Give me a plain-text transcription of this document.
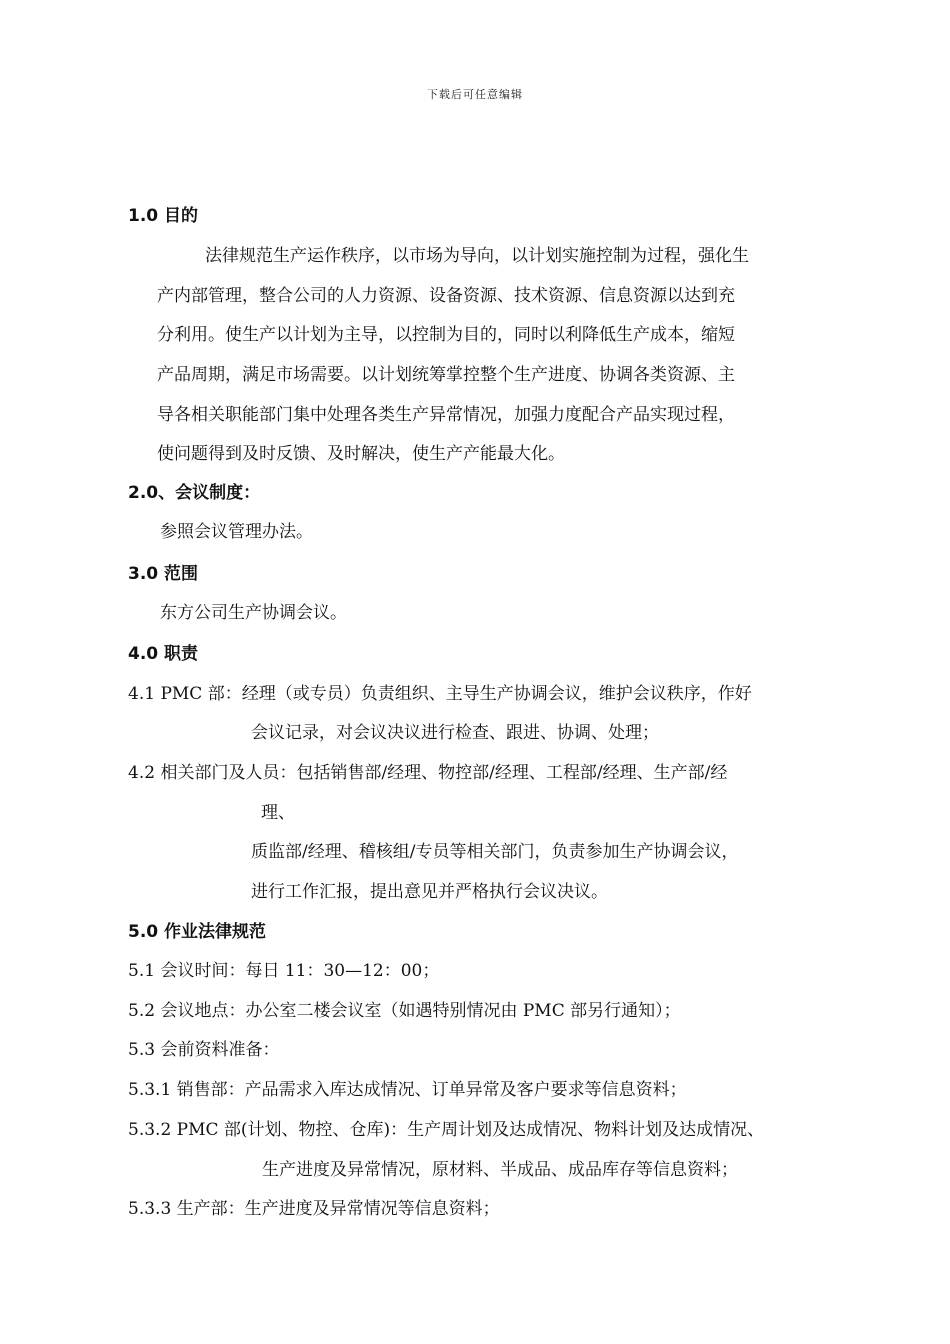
下载后可任意编辑
1.0 目的
法律规范生产运作秩序，以市场为导向，以计划实施控制为过程，强化生
产内部管理，整合公司的人力资源、设备资源、技术资源、信息资源以达到充
分利用。使生产以计划为主导，以控制为目的，同时以利降低生产成本，缩短
产品周期，满足市场需要。以计划统筹掌控整个生产进度、协调各类资源、主
导各相关职能部门集中处理各类生产异常情况，加强力度配合产品实现过程，
使问题得到及时反馈、及时解决，使生产产能最大化。
2.0、会议制度：
参照会议管理办法。
3.0 范围
东方公司生产协调会议。
4.0 职责
4.1 PMC 部：经理（或专员）负责组织、主导生产协调会议，维护会议秩序，作好
会议记录，对会议决议进行检查、跟进、协调、处理；
4.2 相关部门及人员：包括销售部/经理、物控部/经理、工程部/经理、生产部/经
理、
质监部/经理、稽核组/专员等相关部门，负责参加生产协调会议，
进行工作汇报，提出意见并严格执行会议决议。
5.0 作业法律规范
5.1 会议时间：每日 11：30—12：00；
5.2 会议地点：办公室二楼会议室（如遇特别情况由 PMC 部另行通知）；
5.3 会前资料准备：
5.3.1 销售部：产品需求入库达成情况、订单异常及客户要求等信息资料；
5.3.2 PMC 部(计划、物控、仓库)：生产周计划及达成情况、物料计划及达成情况、
生产进度及异常情况，原材料、半成品、成品库存等信息资料；
5.3.3 生产部：生产进度及异常情况等信息资料；
